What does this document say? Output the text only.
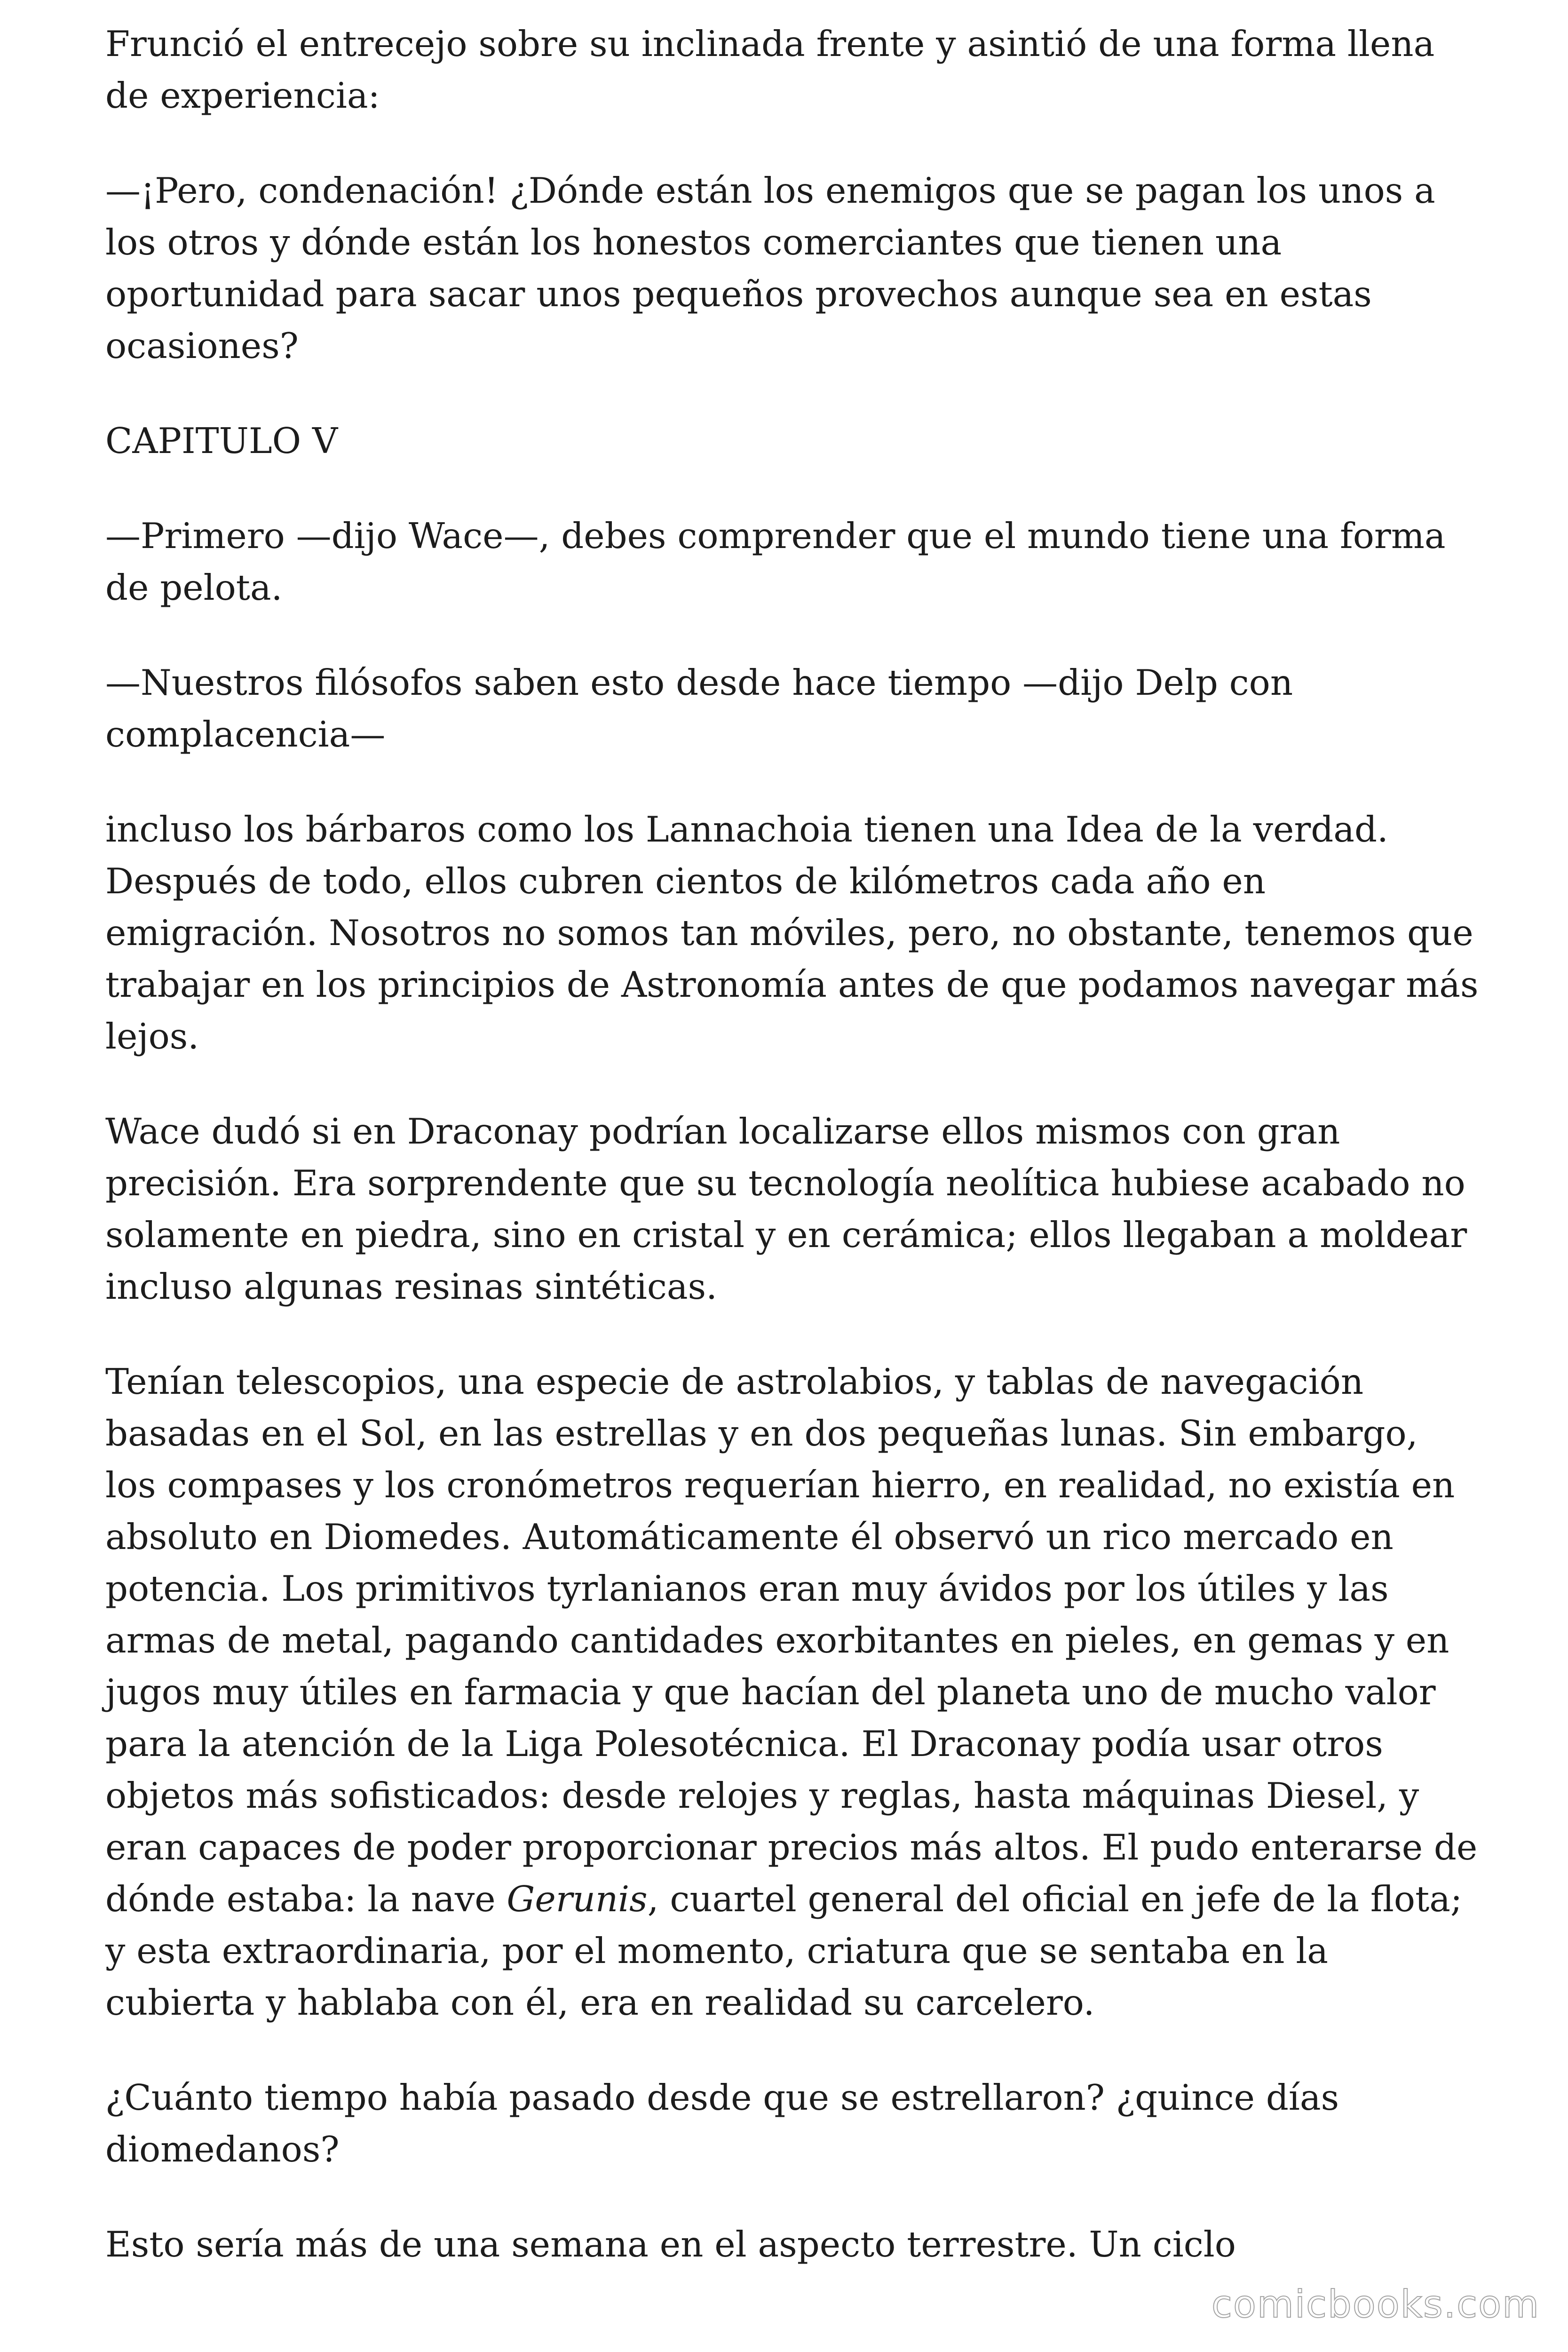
Frunció el entrecejo sobre su inclinada frente y asintió de una forma llena de experiencia:

—¡Pero, condenación! ¿Dónde están los enemigos que se pagan los unos a los otros y dónde están los honestos comerciantes que tienen una oportunidad para sacar unos pequeños provechos aunque sea en estas ocasiones?

CAPITULO V

—Primero —dijo Wace—, debes comprender que el mundo tiene una forma de pelota.

—Nuestros filósofos saben esto desde hace tiempo —dijo Delp con complacencia—

incluso los bárbaros como los Lannachoia tienen una Idea de la verdad. Después de todo, ellos cubren cientos de kilómetros cada año en emigración. Nosotros no somos tan móviles, pero, no obstante, tenemos que trabajar en los principios de Astronomía antes de que podamos navegar más lejos.

Wace dudó si en Draconay podrían localizarse ellos mismos con gran precisión. Era sorprendente que su tecnología neolítica hubiese acabado no solamente en piedra, sino en cristal y en cerámica; ellos llegaban a moldear incluso algunas resinas sintéticas.

Tenían telescopios, una especie de astrolabios, y tablas de navegación basadas en el Sol, en las estrellas y en dos pequeñas lunas. Sin embargo, los compases y los cronómetros requerían hierro, en realidad, no existía en absoluto en Diomedes. Automáticamente él observó un rico mercado en potencia. Los primitivos tyrlanianos eran muy ávidos por los útiles y las armas de metal, pagando cantidades exorbitantes en pieles, en gemas y en jugos muy útiles en farmacia y que hacían del planeta uno de mucho valor para la atención de la Liga Polesotécnica. El Draconay podía usar otros objetos más sofisticados: desde relojes y reglas, hasta máquinas Diesel, y eran capaces de poder proporcionar precios más altos. El pudo enterarse de dónde estaba: la nave Gerunis, cuartel general del oficial en jefe de la flota; y esta extraordinaria, por el momento, criatura que se sentaba en la cubierta y hablaba con él, era en realidad su carcelero.

¿Cuánto tiempo había pasado desde que se estrellaron? ¿quince días diomedanos?

Esto sería más de una semana en el aspecto terrestre. Un ciclo

comicbooks.com
